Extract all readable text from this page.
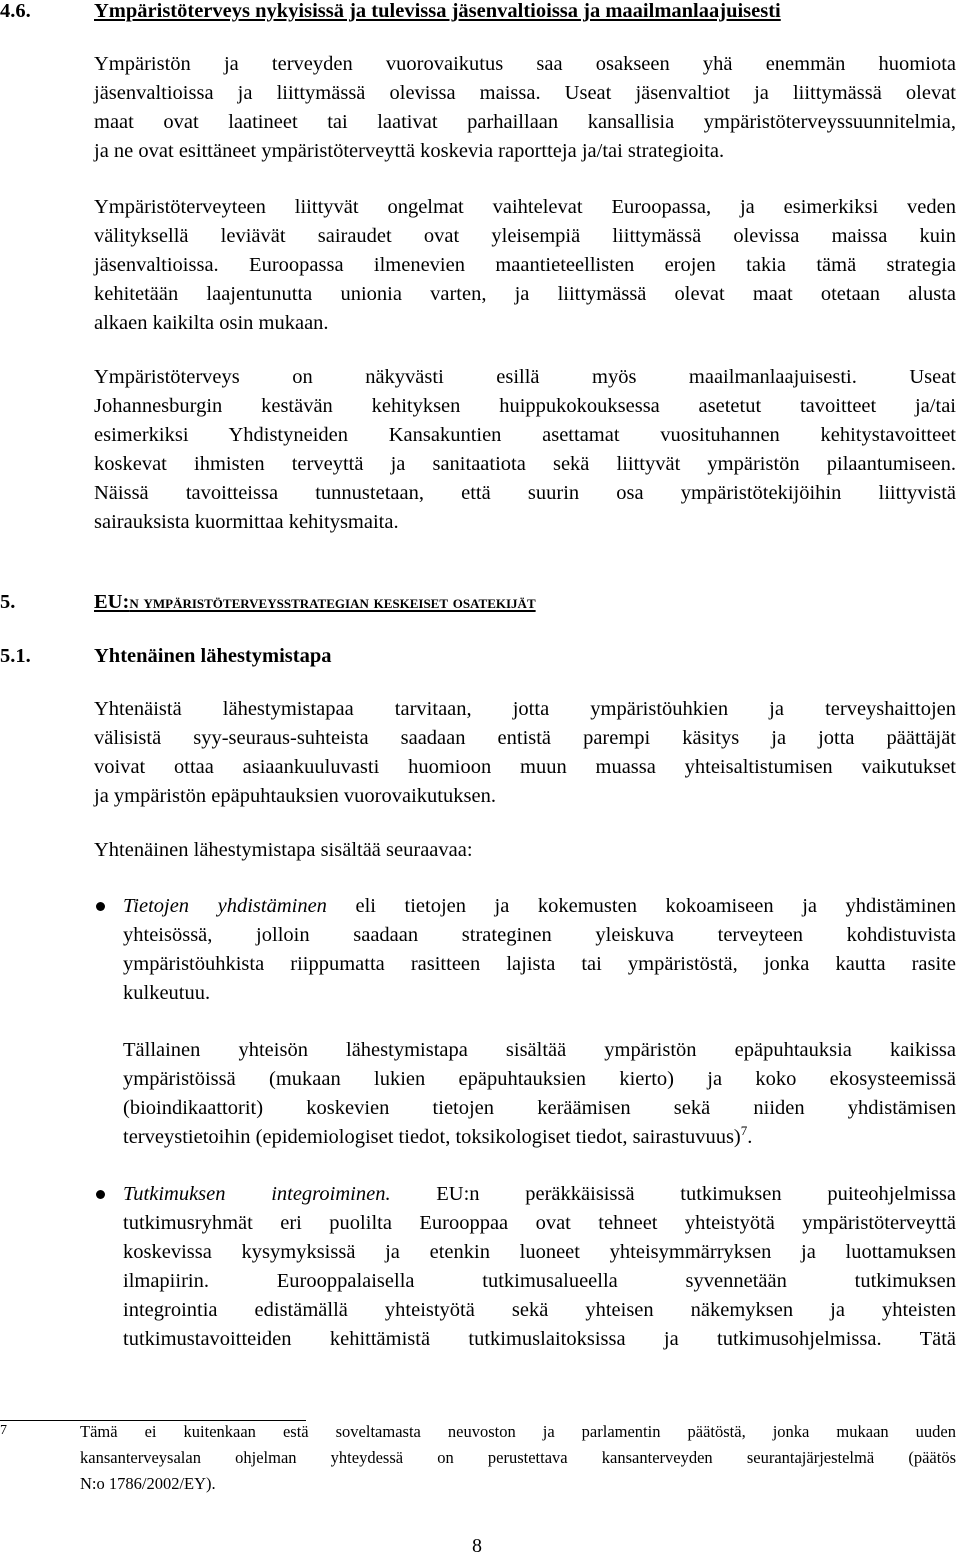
4.6.	Ympäristöterveys nykyisissä ja tulevissa jäsenvaltioissa ja maailmanlaajuisesti
Ympäristön ja terveyden vuorovaikutus saa osakseen yhä enemmän huomiota
jäsenvaltioissa ja liittymässä olevissa maissa. Useat jäsenvaltiot ja liittymässä olevat
maat ovat laatineet tai laativat parhaillaan kansallisia ympäristöterveyssuunnitelmia,
ja ne ovat esittäneet ympäristöterveyttä koskevia raportteja ja/tai strategioita.
Ympäristöterveyteen liittyvät ongelmat vaihtelevat Euroopassa, ja esimerkiksi veden
välityksellä leviävät sairaudet ovat yleisempiä liittymässä olevissa maissa kuin
jäsenvaltioissa. Euroopassa ilmenevien maantieteellisten erojen takia tämä strategia
kehitetään laajentunutta unionia varten, ja liittymässä olevat maat otetaan alusta
alkaen kaikilta osin mukaan.
Ympäristöterveys on näkyvästi esillä myös maailmanlaajuisesti. Useat
Johannesburgin kestävän kehityksen huippukokouksessa asetetut tavoitteet ja/tai
esimerkiksi Yhdistyneiden Kansakuntien asettamat vuosituhannen kehitystavoitteet
koskevat ihmisten terveyttä ja sanitaatiota sekä liittyvät ympäristön pilaantumiseen.
Näissä tavoitteissa tunnustetaan, että suurin osa ympäristötekijöihin liittyvistä
sairauksista kuormittaa kehitysmaita.
5.	EU:n ympäristöterveysstrategian keskeiset osatekijät
5.1.	Yhtenäinen lähestymistapa
Yhtenäistä lähestymistapaa tarvitaan, jotta ympäristöuhkien ja terveyshaittojen
välisistä syy-seuraus-suhteista saadaan entistä parempi käsitys ja jotta päättäjät
voivat ottaa asiaankuuluvasti huomioon muun muassa yhteisaltistumisen vaikutukset
ja ympäristön epäpuhtauksien vuorovaikutuksen.
Yhtenäinen lähestymistapa sisältää seuraavaa:
Tietojen yhdistäminen eli tietojen ja kokemusten kokoamiseen ja yhdistäminen
yhteisössä, jolloin saadaan strateginen yleiskuva terveyteen kohdistuvista
ympäristöuhkista riippumatta rasitteen lajista tai ympäristöstä, jonka kautta rasite
kulkeutuu.
Tällainen yhteisön lähestymistapa sisältää ympäristön epäpuhtauksia kaikissa
ympäristöissä (mukaan lukien epäpuhtauksien kierto) ja koko ekosysteemissä
(bioindikaattorit) koskevien tietojen keräämisen sekä niiden yhdistämisen
terveystietoihin (epidemiologiset tiedot, toksikologiset tiedot, sairastuvuus)$^7$.
Tutkimuksen integroiminen. EU:n peräkkäisissä tutkimuksen puiteohjelmissa
tutkimusryhmät eri puolilta Eurooppaa ovat tehneet yhteistyötä ympäristöterveyttä
koskevissa kysymyksissä ja etenkin luoneet yhteisymmärryksen ja luottamuksen
ilmapiirin. Eurooppalaisella tutkimusalueella syvennetään tutkimuksen
integrointia edistämällä yhteistyötä sekä yhteisen näkemyksen ja yhteisten
tutkimustavoitteiden kehittämistä tutkimuslaitoksissa ja tutkimusohjelmissa. Tätä
7	Tämä ei kuitenkaan estä soveltamasta neuvoston ja parlamentin päätöstä, jonka mukaan uuden
kansanterveysalan ohjelman yhteydessä on perustettava kansanterveyden seurantajärjestelmä (päätös
N:o 1786/2002/EY).
8
